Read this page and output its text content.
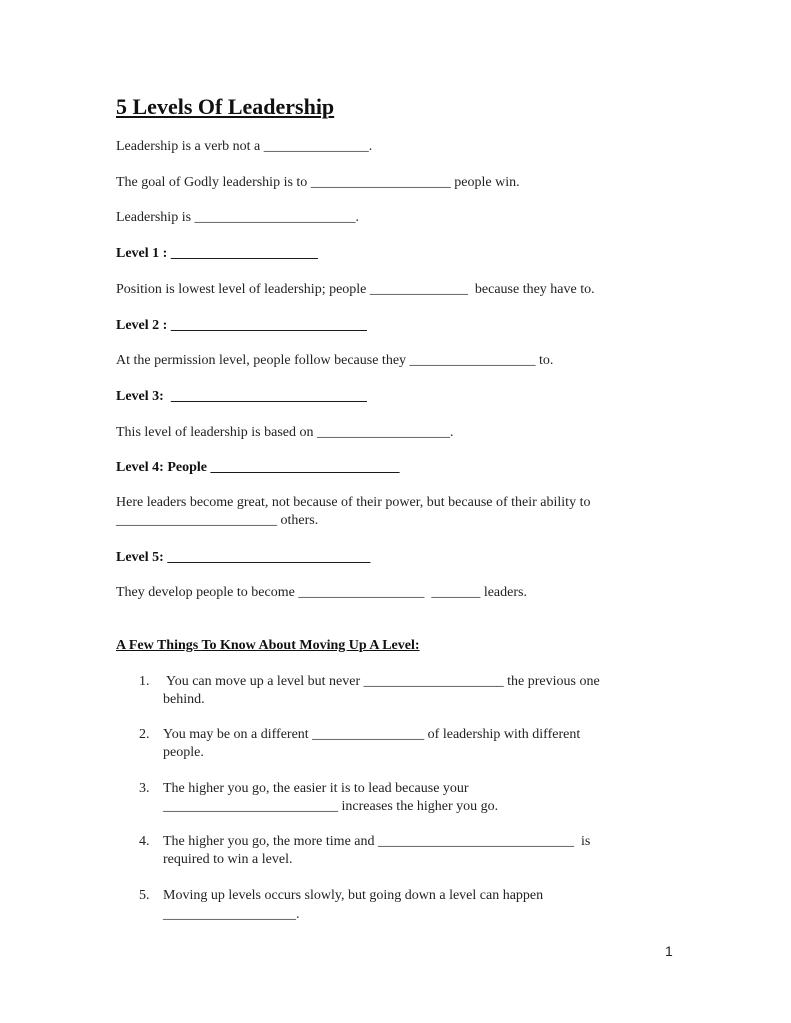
5 Levels Of Leadership
Leadership is a verb not a _______________.
The goal of Godly leadership is to ____________________ people win.
Leadership is _______________________.
Level 1 : _____________________
Position is lowest level of leadership; people ______________  because they have to.
Level 2 : ____________________________
At the permission level, people follow because they __________________ to.
Level 3:  ____________________________
This level of leadership is based on ___________________.
Level 4: People ___________________________
Here leaders become great, not because of their power, but because of their ability to
_______________________ others.
Level 5: _____________________________
They develop people to become __________________  _______ leaders.
A Few Things To Know About Moving Up A Level:
1. You can move up a level but never ____________________ the previous one
behind.
2. You may be on a different ________________ of leadership with different
people.
3. The higher you go, the easier it is to lead because your
_________________________ increases the higher you go.
4. The higher you go, the more time and ____________________________  is
required to win a level.
5. Moving up levels occurs slowly, but going down a level can happen
___________________.
1
